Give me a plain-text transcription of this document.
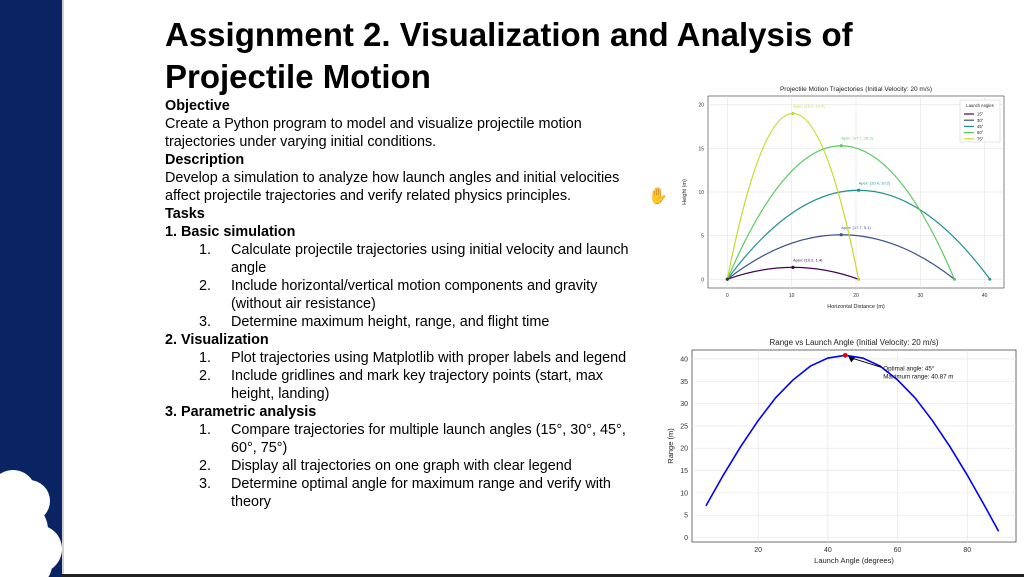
Assignment 2. Visualization and Analysis of Projectile Motion
Objective
Create a Python program to model and visualize projectile motion trajectories under varying initial conditions.
Description
Develop a simulation to analyze how launch angles and initial velocities affect projectile trajectories and verify related physics principles.
Tasks
1. Basic simulation
1.	Calculate projectile trajectories using initial velocity and launch angle
2.	Include horizontal/vertical motion components and gravity (without air resistance)
3.	Determine maximum height, range, and flight time
2. Visualization
1.	Plot trajectories using Matplotlib with proper labels and legend
2.	Include gridlines and mark key trajectory points (start, max height, landing)
3. Parametric analysis
1.	Compare trajectories for multiple launch angles (15°, 30°, 45°, 60°, 75°)
2.	Display all trajectories on one graph with clear legend
3.	Determine optimal angle for maximum range and verify with theory
✋
Projectile Motion Trajectories (Initial Velocity: 20 m/s)
0	10	20	30	40
0
5
10
15
20
Horizontal Distance (m)
Height (m)
Apex: (10.2, 1.4)
Apex: (17.7, 5.1)
Apex: (20.4, 10.2)
Apex: (17.7, 15.3)
Apex: (10.2, 19.0)	Launch Angles
15°
30°
45°
60°
75°
Range vs Launch Angle (Initial Velocity: 20 m/s)
20	40	60	80
0
5
10
15
20
25
30
35
40
Launch Angle (degrees)
Range (m)
Optimal angle: 45°
Maximum range: 40.87 m
